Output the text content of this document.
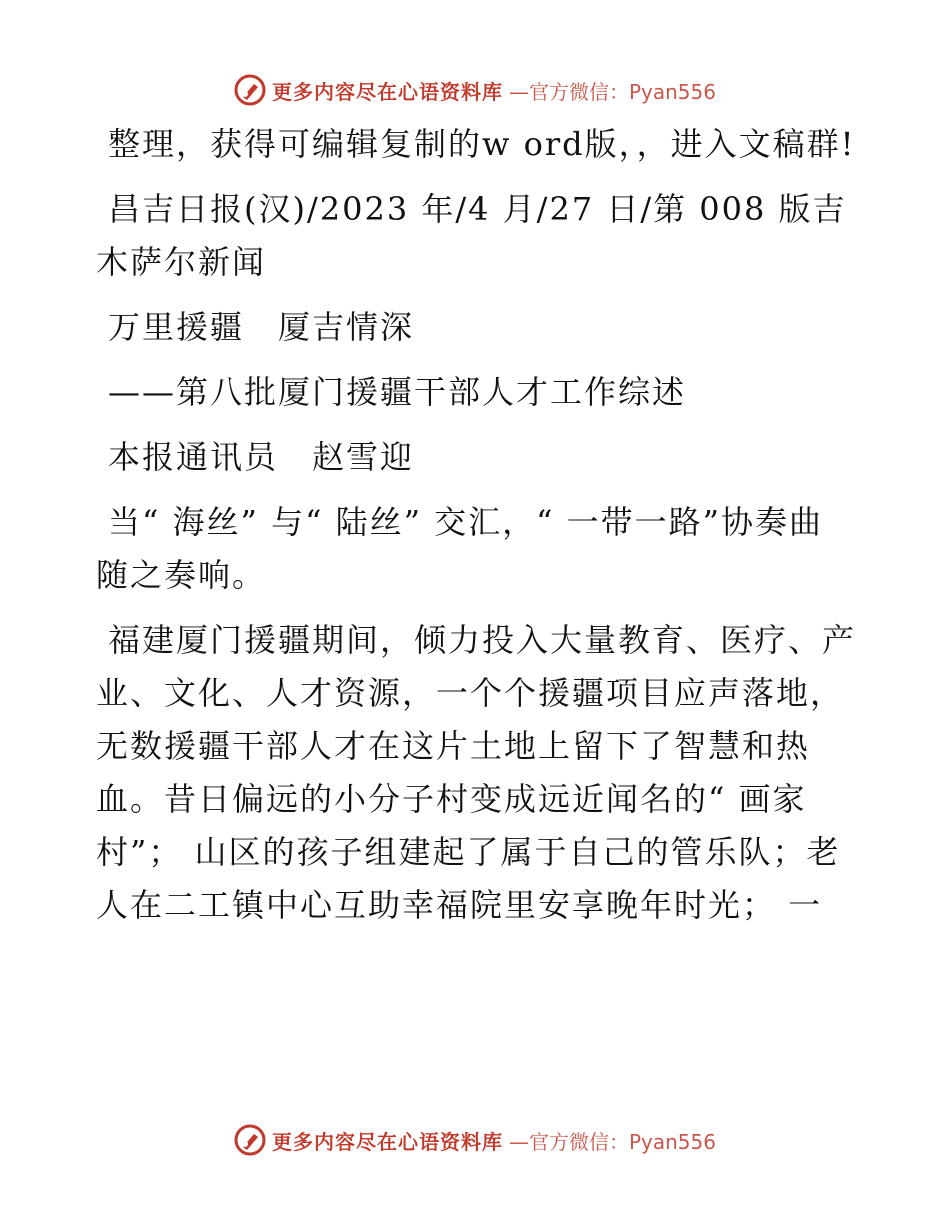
更多内容尽在心语资料库 —官方微信：Pyan556

整理，获得可编辑复制的w ord版，，进入文稿群!

昌吉日报(汉)/2023 年/4 月/27 日/第 008 版吉木萨尔新闻

万里援疆　厦吉情深

——第八批厦门援疆干部人才工作综述

本报通讯员　赵雪迎

当“ 海丝” 与“ 陆丝” 交汇，“ 一带一路”协奏曲随之奏响。

福建厦门援疆期间，倾力投入大量教育、医疗、产业、文化、人才资源，一个个援疆项目应声落地，无数援疆干部人才在这片土地上留下了智慧和热血。昔日偏远的小分子村变成远近闻名的“ 画家村”； 山区的孩子组建起了属于自己的管乐队；老人在二工镇中心互助幸福院里安享晚年时光； 一

更多内容尽在心语资料库 —官方微信：Pyan556
